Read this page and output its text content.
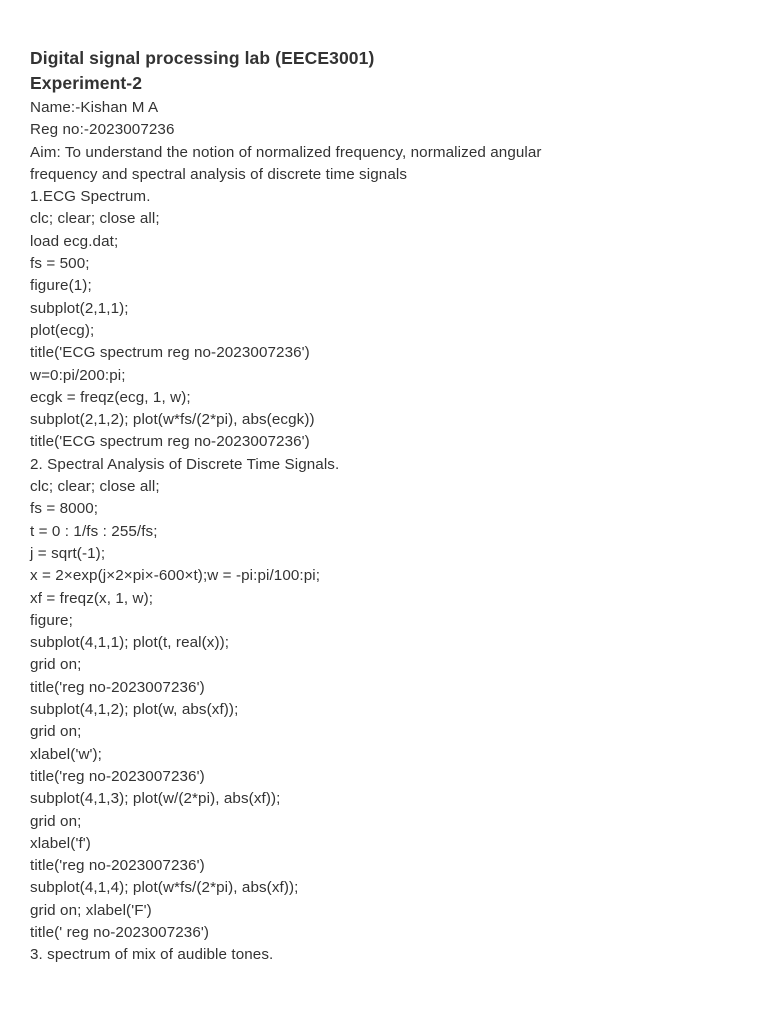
Digital signal processing lab (EECE3001)

Experiment-2

Name:-Kishan M A

Reg no:-2023007236

Aim: To understand the notion of normalized frequency, normalized angular

frequency and spectral analysis of discrete time signals

1.ECG Spectrum.

clc; clear; close all;

load ecg.dat;

fs = 500;

figure(1);

subplot(2,1,1);

plot(ecg);

title('ECG spectrum reg no-2023007236')

w=0:pi/200:pi;

ecgk = freqz(ecg, 1, w);

subplot(2,1,2); plot(w*fs/(2*pi), abs(ecgk))

title('ECG spectrum reg no-2023007236')

2. Spectral Analysis of Discrete Time Signals.

clc; clear; close all;

fs = 8000;

t = 0 : 1/fs : 255/fs;

j = sqrt(-1);

x = 2×exp(j×2×pi×-600×t);w = -pi:pi/100:pi;

xf = freqz(x, 1, w);

figure;

subplot(4,1,1); plot(t, real(x));

grid on;

title('reg no-2023007236')

subplot(4,1,2); plot(w, abs(xf));

grid on;

xlabel('w');

title('reg no-2023007236')

subplot(4,1,3); plot(w/(2*pi), abs(xf));

grid on;

xlabel('f')

title('reg no-2023007236')

subplot(4,1,4); plot(w*fs/(2*pi), abs(xf));

grid on; xlabel('F')

title(' reg no-2023007236')

3. spectrum of mix of audible tones.
